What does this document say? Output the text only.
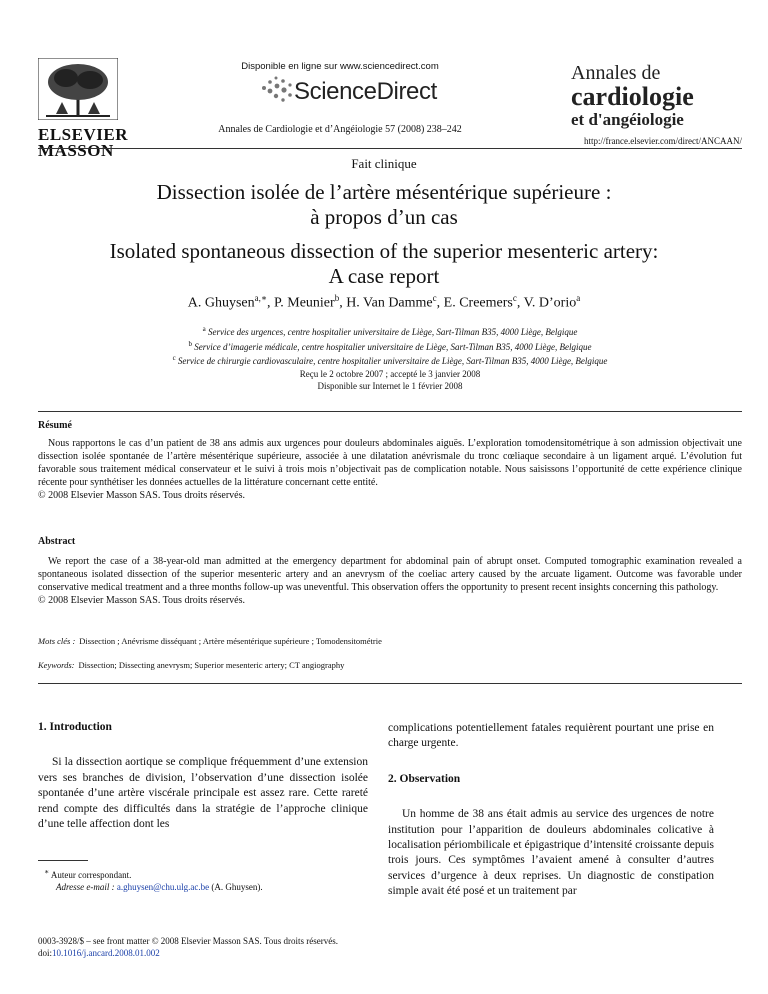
ELSEVIER MASSON
Disponible en ligne sur www.sciencedirect.com
ScienceDirect
Annales de Cardiologie et d’Angéiologie 57 (2008) 238–242
Annales de
cardiologie
et d'angéiologie
http://france.elsevier.com/direct/ANCAAN/
Fait clinique
Dissection isolée de l’artère mésentérique supérieure :
à propos d’un cas
Isolated spontaneous dissection of the superior mesenteric artery:
A case report
A. Ghuysen$^{a,∗}$, P. Meunier$^b$, H. Van Damme$^c$, E. Creemers$^c$, V. D’orio$^a$
$^a$ Service des urgences, centre hospitalier universitaire de Liège, Sart-Tilman B35, 4000 Liège, Belgique
$^b$ Service d’imagerie médicale, centre hospitalier universitaire de Liège, Sart-Tilman B35, 4000 Liège, Belgique
$^c$ Service de chirurgie cardiovasculaire, centre hospitalier universitaire de Liège, Sart-Tilman B35, 4000 Liège, Belgique
Reçu le 2 octobre 2007 ; accepté le 3 janvier 2008
Disponible sur Internet le 1 février 2008
Résumé
Nous rapportons le cas d’un patient de 38 ans admis aux urgences pour douleurs abdominales aiguës. L’exploration tomodensitométrique à son admission objectivait une dissection isolée spontanée de l’artère mésentérique supérieure, associée à une dilatation anévrismale du tronc cœliaque secondaire à un ligament arqué. L’évolution fut favorable sous traitement médical conservateur et le suivi à trois mois n’objectivait pas de complication notable. Nous saisissons l’opportunité de cette expérience clinique récente pour synthétiser les données actuelles de la littérature concernant cette entité.
© 2008 Elsevier Masson SAS. Tous droits réservés.
Abstract
We report the case of a 38-year-old man admitted at the emergency department for abdominal pain of abrupt onset. Computed tomographic examination revealed a spontaneous isolated dissection of the superior mesenteric artery and an anevrysm of the coeliac artery caused by the arcuate ligament. Outcome was favorable under conservative medical treatment and a three months follow-up was uneventful. This observation offers the opportunity to present recent insights concerning this pathology.
© 2008 Elsevier Masson SAS. Tous droits réservés.
Mots clés : Dissection ; Anévrisme disséquant ; Artère mésentérique supérieure ; Tomodensitométrie
Keywords: Dissection; Dissecting anevrysm; Superior mesenteric artery; CT angiography
1. Introduction
Si la dissection aortique se complique fréquemment d’une extension vers ses branches de division, l’observation d’une dissection isolée spontanée d’une artère viscérale principale est assez rare. Cette rareté rend compte des difficultés dans la stratégie de l’approche clinique d’une telle affection dont les
complications potentiellement fatales requièrent pourtant une prise en charge urgente.
2. Observation
Un homme de 38 ans était admis au service des urgences de notre institution pour l’apparition de douleurs abdominales colicative à localisation périombilicale et épigastrique d’intensité croissante depuis trois jours. Ces symptômes l’avaient amené à consulter d’autres services d’urgence à deux reprises. Un diagnostic de constipation simple avait été posé et un traitement par
∗ Auteur correspondant.
Adresse e-mail : a.ghuysen@chu.ulg.ac.be (A. Ghuysen).
0003-3928/$ – see front matter © 2008 Elsevier Masson SAS. Tous droits réservés.
doi:10.1016/j.ancard.2008.01.002
